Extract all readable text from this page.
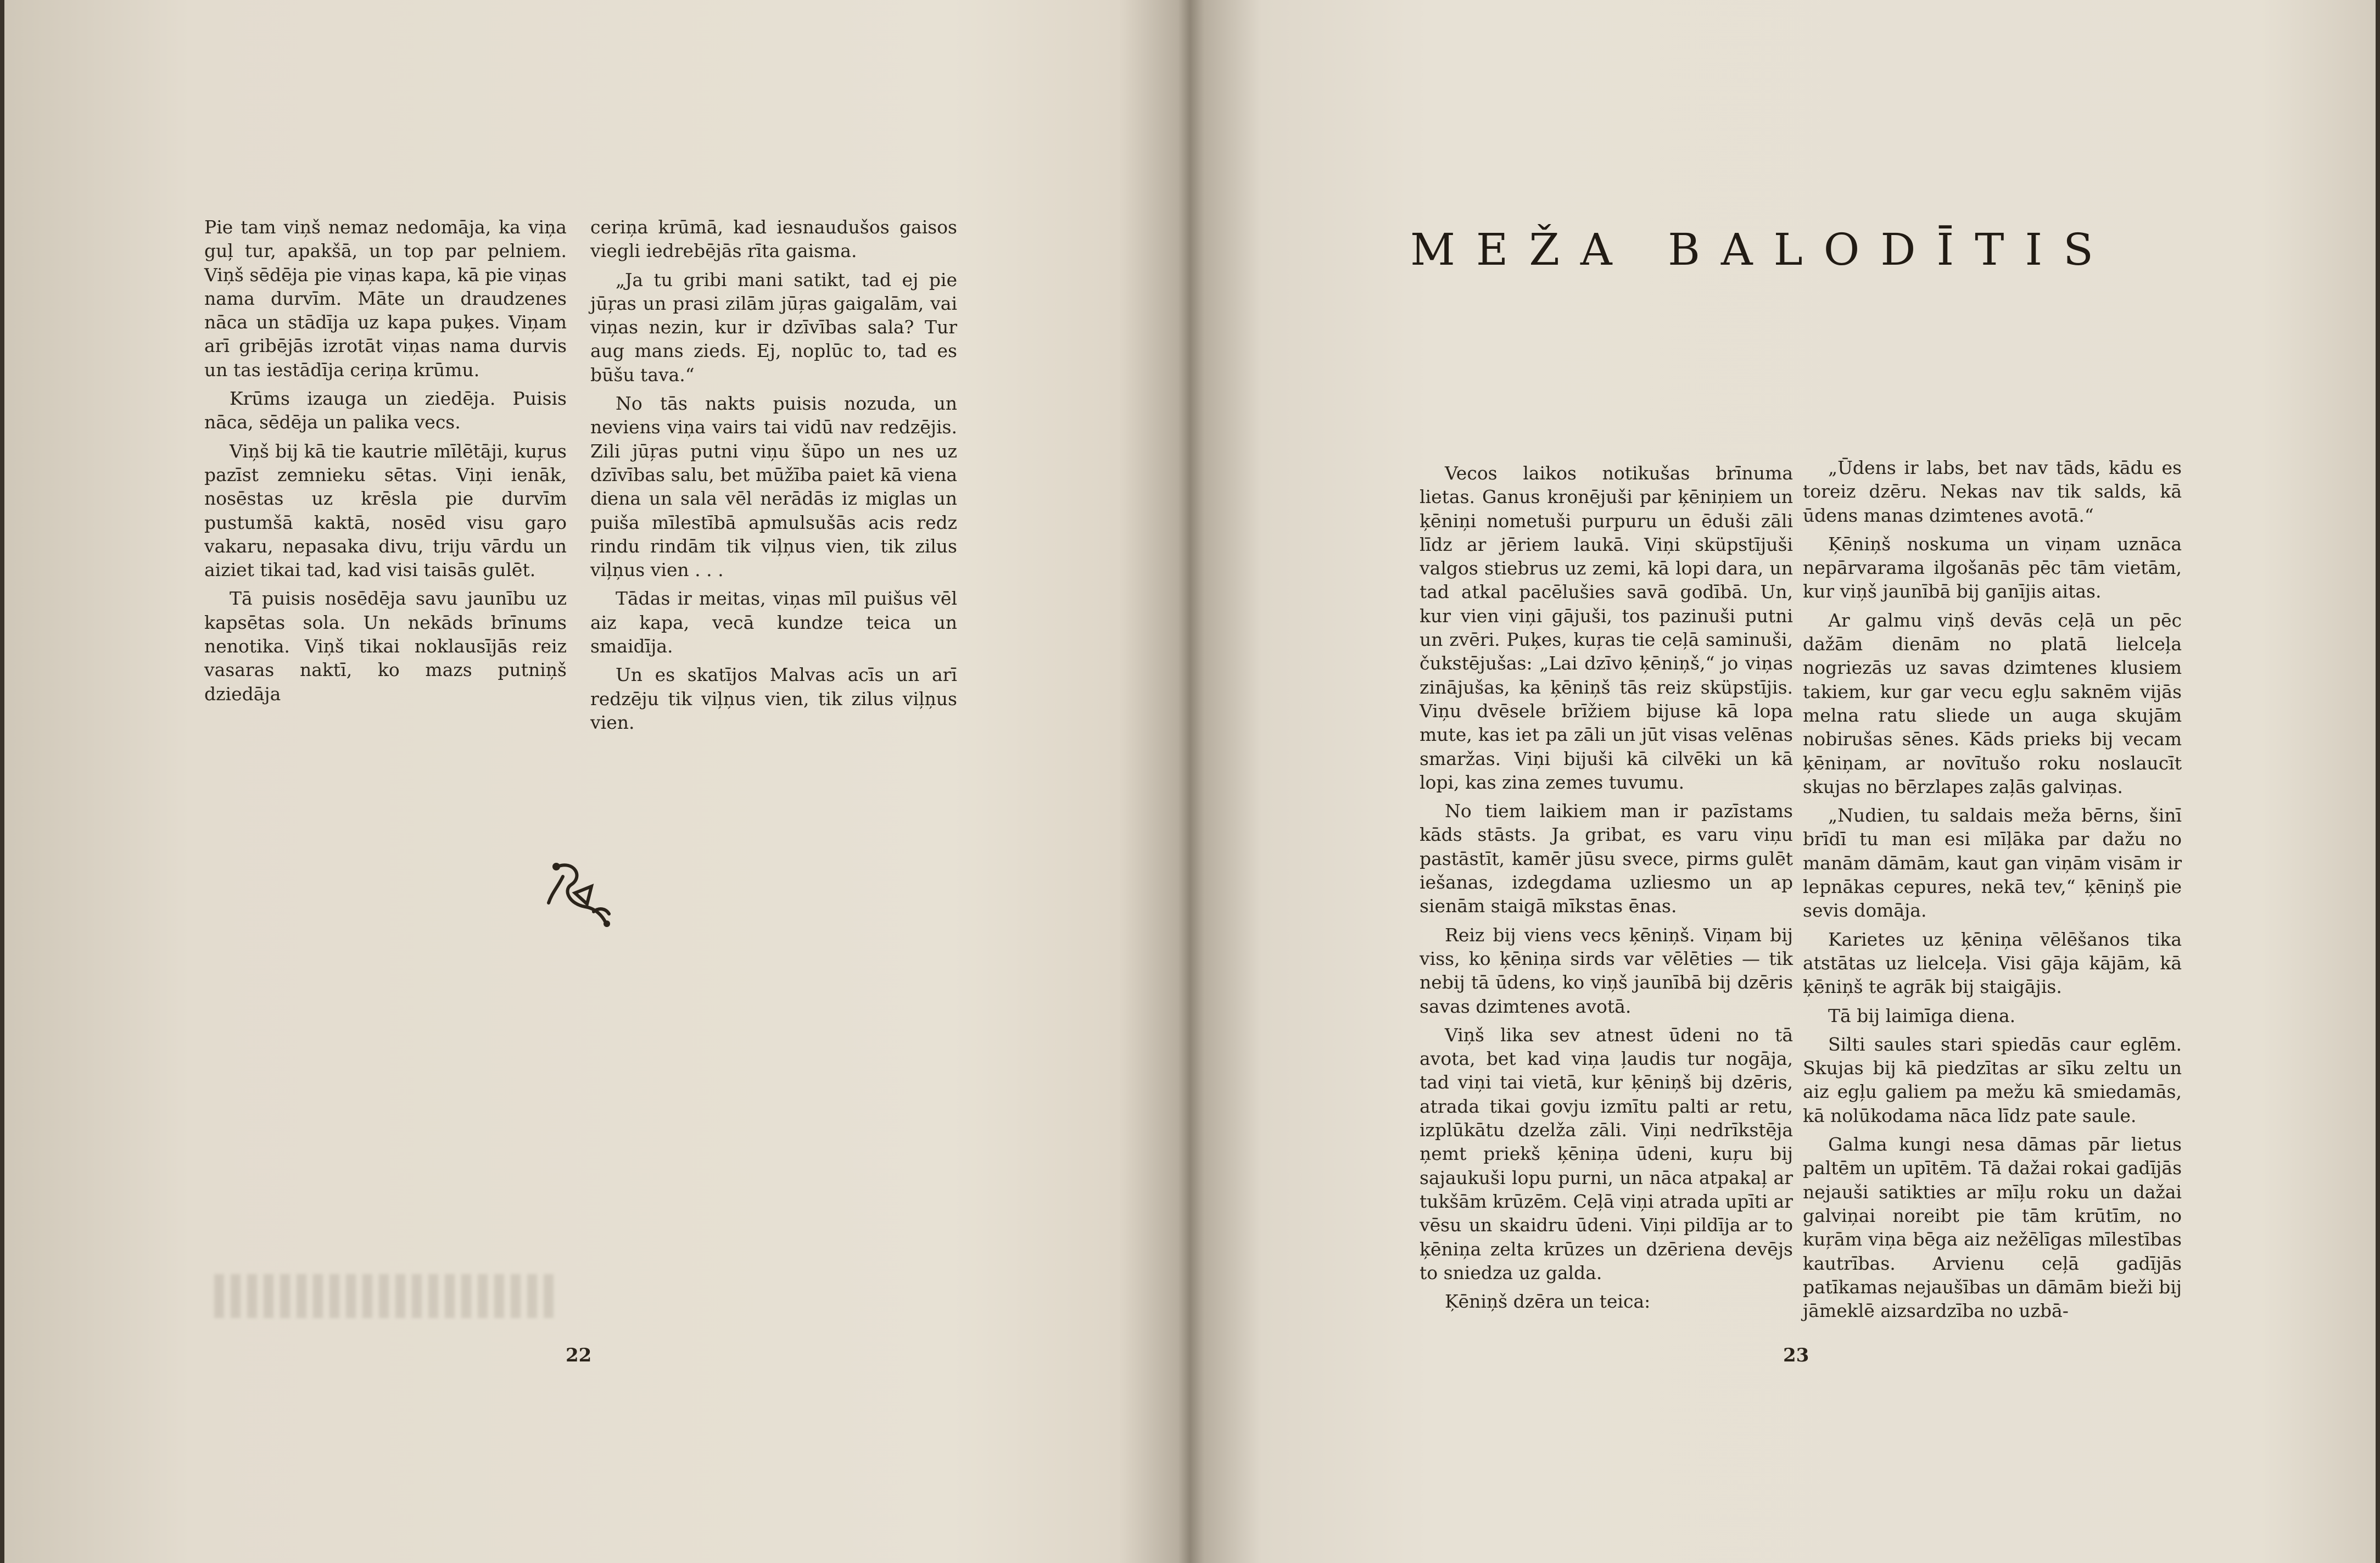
Pie tam viņš nemaz nedomāja, ka viņa guļ tur, apakšā, un top par pelniem. Viņš sēdēja pie viņas kapa, kā pie viņas nama durvīm. Māte un draudzenes nāca un stādīja uz kapa puķes. Viņam arī gribējās izrotāt viņas nama durvis un tas iestādīja ceriņa krūmu.

Krūms izauga un ziedēja. Puisis nāca, sēdēja un palika vecs.

Viņš bij kā tie kautrie mīlētāji, kuŗus pazīst zemnieku sētas. Viņi ienāk, nosēstas uz krēsla pie durvīm pustumšā kaktā, nosēd visu gaŗo vakaru, nepasaka divu, triju vārdu un aiziet tikai tad, kad visi taisās gulēt.

Tā puisis nosēdēja savu jaunību uz kapsētas sola. Un nekāds brīnums nenotika. Viņš tikai noklausījās reiz vasaras naktī, ko mazs putniņš dziedāja

ceriņa krūmā, kad iesnaudušos gaisos viegli iedrebējās rīta gaisma.

„Ja tu gribi mani satikt, tad ej pie jūŗas un prasi zilām jūŗas gaigalām, vai viņas nezin, kur ir dzīvības sala? Tur aug mans zieds. Ej, noplūc to, tad es būšu tava.“

No tās nakts puisis nozuda, un neviens viņa vairs tai vidū nav redzējis. Zili jūŗas putni viņu šūpo un nes uz dzīvības salu, bet mūžība paiet kā viena diena un sala vēl nerādās iz miglas un puiša mīlestībā apmulsušās acis redz rindu rindām tik viļņus vien, tik zilus viļņus vien . . .

Tādas ir meitas, viņas mīl puišus vēl aiz kapa, vecā kundze teica un smaidīja.

Un es skatījos Malvas acīs un arī redzēju tik viļņus vien, tik zilus viļņus vien.

22
MEŽA BALODĪTIS

Vecos laikos notikušas brīnuma lietas. Ganus kronējuši par ķēniņiem un ķēniņi nometuši purpuru un ēduši zāli līdz ar jēriem laukā. Viņi sküpstījuši valgos stiebrus uz zemi, kā lopi dara, un tad atkal pacēlušies savā godībā. Un, kur vien viņi gājuši, tos pazinuši putni un zvēri. Puķes, kuŗas tie ceļā saminuši, čukstējušas: „Lai dzīvo ķēniņš,“ jo viņas zinājušas, ka ķēniņš tās reiz sküpstījis. Viņu dvēsele brīžiem bijuse kā lopa mute, kas iet pa zāli un jūt visas velēnas smaržas. Viņi bijuši kā cilvēki un kā lopi, kas zina zemes tuvumu.

No tiem laikiem man ir pazīstams kāds stāsts. Ja gribat, es varu viņu pastāstīt, kamēr jūsu svece, pirms gulēt iešanas, izdegdama uzliesmo un ap sienām staigā mīkstas ēnas.

Reiz bij viens vecs ķēniņš. Viņam bij viss, ko ķēniņa sirds var vēlēties — tik nebij tā ūdens, ko viņš jaunībā bij dzēris savas dzimtenes avotā.

Viņš lika sev atnest ūdeni no tā avota, bet kad viņa ļaudis tur nogāja, tad viņi tai vietā, kur ķēniņš bij dzēris, atrada tikai govju izmītu palti ar retu, izplūkātu dzelža zāli. Viņi nedrīkstēja ņemt priekš ķēniņa ūdeni, kuŗu bij sajaukuši lopu purni, un nāca atpakaļ ar tukšām krūzēm. Ceļā viņi atrada upīti ar vēsu un skaidru ūdeni. Viņi pildīja ar to ķēniņa zelta krūzes un dzēriena devējs to sniedza uz galda.

Ķēniņš dzēra un teica:

„Ūdens ir labs, bet nav tāds, kādu es toreiz dzēru. Nekas nav tik salds, kā ūdens manas dzimtenes avotā.“

Ķēniņš noskuma un viņam uznāca nepārvarama ilgošanās pēc tām vietām, kur viņš jaunībā bij ganījis aitas.

Ar galmu viņš devās ceļā un pēc dažām dienām no platā lielceļa nogriezās uz savas dzimtenes klusiem takiem, kur gar vecu egļu saknēm vijās melna ratu sliede un auga skujām nobirušas sēnes. Kāds prieks bij vecam ķēniņam, ar novītušo roku noslaucīt skujas no bērzlapes zaļās galviņas.

„Nudien, tu saldais meža bērns, šinī brīdī tu man esi mīļāka par dažu no manām dāmām, kaut gan viņām visām ir lepnākas cepures, nekā tev,“ ķēniņš pie sevis domāja.

Karietes uz ķēniņa vēlēšanos tika atstātas uz lielceļa. Visi gāja kājām, kā ķēniņš te agrāk bij staigājis.

Tā bij laimīga diena.

Silti saules stari spiedās caur eglēm. Skujas bij kā piedzītas ar sīku zeltu un aiz egļu galiem pa mežu kā smiedamās, kā nolūkodama nāca līdz pate saule.

Galma kungi nesa dāmas pār lietus paltēm un upītēm. Tā dažai rokai gadījās nejauši satikties ar mīļu roku un dažai galviņai noreibt pie tām krūtīm, no kuŗām viņa bēga aiz nežēlīgas mīlestības kautrības. Arvienu ceļā gadījās patīkamas nejaušības un dāmām bieži bij jāmeklē aizsardzība no uzbā-

23
